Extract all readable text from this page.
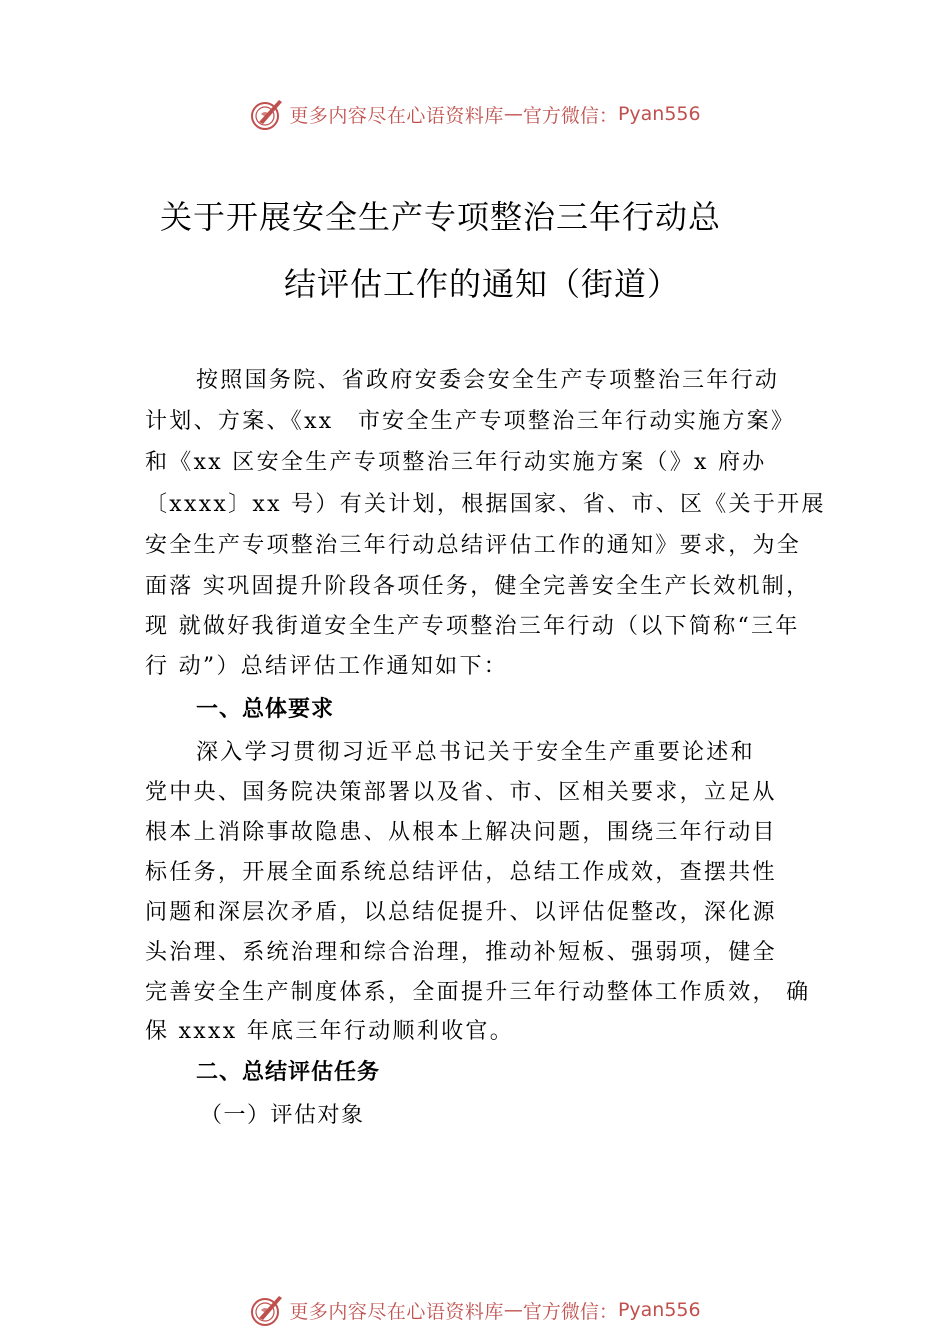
更多内容尽在心语资料库 — 官方微信： Pyan556
关于开展安全生产专项整治三年行动总
结评估工作的通知（街道）
按照国务院、省政府安委会安全生产专项整治三年行动
计划、方案、《xx　市安全生产专项整治三年行动实施方案》
和《xx 区安全生产专项整治三年行动实施方案（》x 府办
〔xxxx〕xx 号）有关计划，根据国家、省、市、区《关于开展
安全生产专项整治三年行动总结评估工作的通知》要求，为全
面落 实巩固提升阶段各项任务，健全完善安全生产长效机制，
现 就做好我街道安全生产专项整治三年行动（以下简称“三年
行 动”）总结评估工作通知如下：
一、总体要求
深入学习贯彻习近平总书记关于安全生产重要论述和
党中央、国务院决策部署以及省、市、区相关要求，立足从
根本上消除事故隐患、从根本上解决问题，围绕三年行动目
标任务，开展全面系统总结评估，总结工作成效，查摆共性
问题和深层次矛盾，以总结促提升、以评估促整改，深化源
头治理、系统治理和综合治理，推动补短板、强弱项，健全
完善安全生产制度体系，全面提升三年行动整体工作质效， 确
保 xxxx 年底三年行动顺利收官。
二、总结评估任务
（一）评估对象
更多内容尽在心语资料库 — 官方微信： Pyan556
